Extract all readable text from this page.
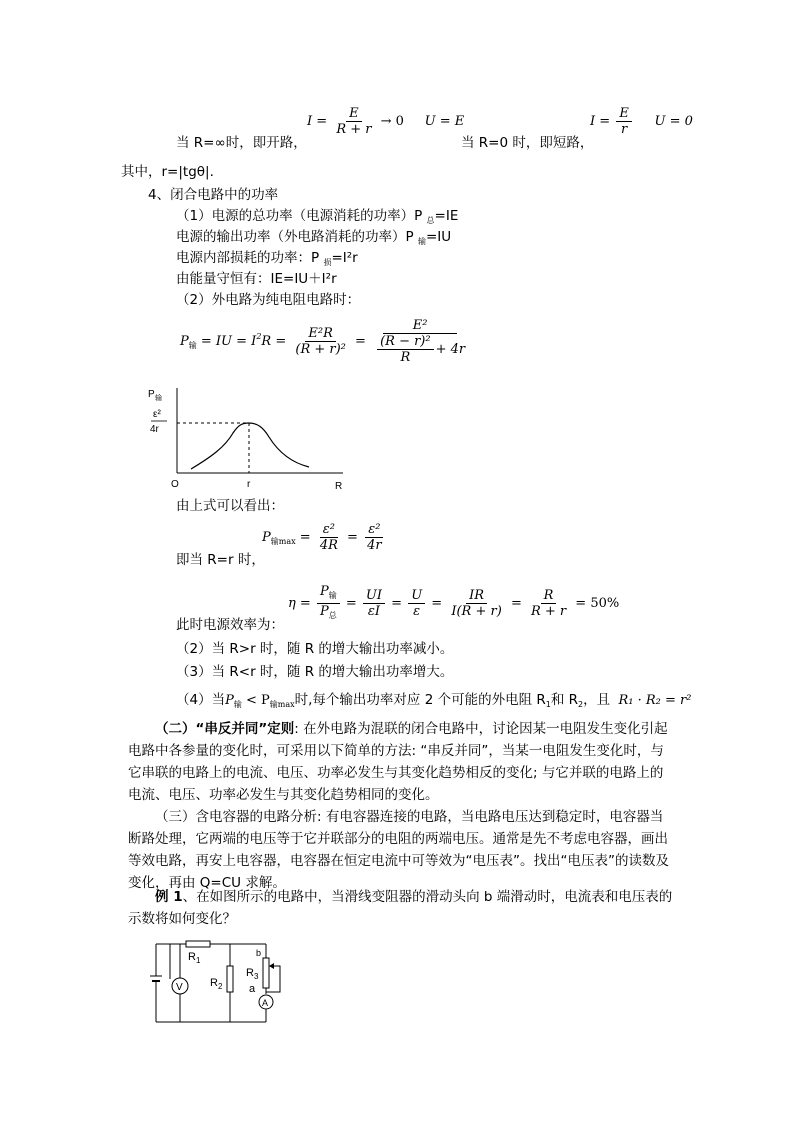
$I = \frac{E}{R + r} \to 0$ U = E
当 R=∞时，即开路，	当 R=0 时，即短路，
$I = \frac{E}{r}$ U = 0
其中，r=|tgθ|.
4、闭合电路中的功率
（1）电源的总功率（电源消耗的功率）P $_总$=IE
电源的输出功率（外电路消耗的功率）P $_输$=IU
电源内部损耗的功率：P $_损$=I²r
由能量守恒有：IE=IU＋I²r
（2）外电路为纯电阻电路时：
$P_输$ = IU = $I^2R = \frac{\text{E²R}}{\text{(R + r)²}} = \frac{\text{E²}}{\frac{\text{(R − r)²}}{R} + 4r}$
P 输
ε²
4r
O	r	R
由上式可以看出：
即当 R=r 时，
$P_{输max} = \frac{\text{ε²}}{4R} = \frac{\text{ε²}}{4r}$
$\eta = \frac{P_输}{P_总} = \frac{UI}{\varepsilon I} = \frac{U}{\varepsilon} = \frac{IR}{I(R + r)} = \frac{R}{R + r} = 50\%$
此时电源效率为：
（2）当 R>r 时，随 R 的增大输出功率减小。
（3）当 R<r 时，随 R 的增大输出功率增大。
（4）当$P_输 < P_{输max}$时,每个输出功率对应 2 个可能的外电阻 $R_1$和 $R_2$，且 R₁ · R₂ = r²
（二）“串反并同”定则: 在外电路为混联的闭合电路中，讨论因某一电阻发生变化引起电路中各参量的变化时，可采用以下简单的方法: “串反并同”，当某一电阻发生变化时，与它串联的电路上的电流、电压、功率必发生与其变化趋势相反的变化; 与它并联的电路上的电流、电压、功率必发生与其变化趋势相同的变化。
（三）含电容器的电路分析: 有电容器连接的电路，当电路电压达到稳定时，电容器当断路处理，它两端的电压等于它并联部分的电阻的两端电压。通常是先不考虑电容器，画出等效电路，再安上电容器，电容器在恒定电流中可等效为“电压表”。找出“电压表”的读数及变化，再由 Q=CU 求解。
例 1、在如图所示的电路中，当滑线变阻器的滑动头向 b 端滑动时，电流表和电压表的示数将如何变化？
R 1
R 2
R 3
b
a
V
A
